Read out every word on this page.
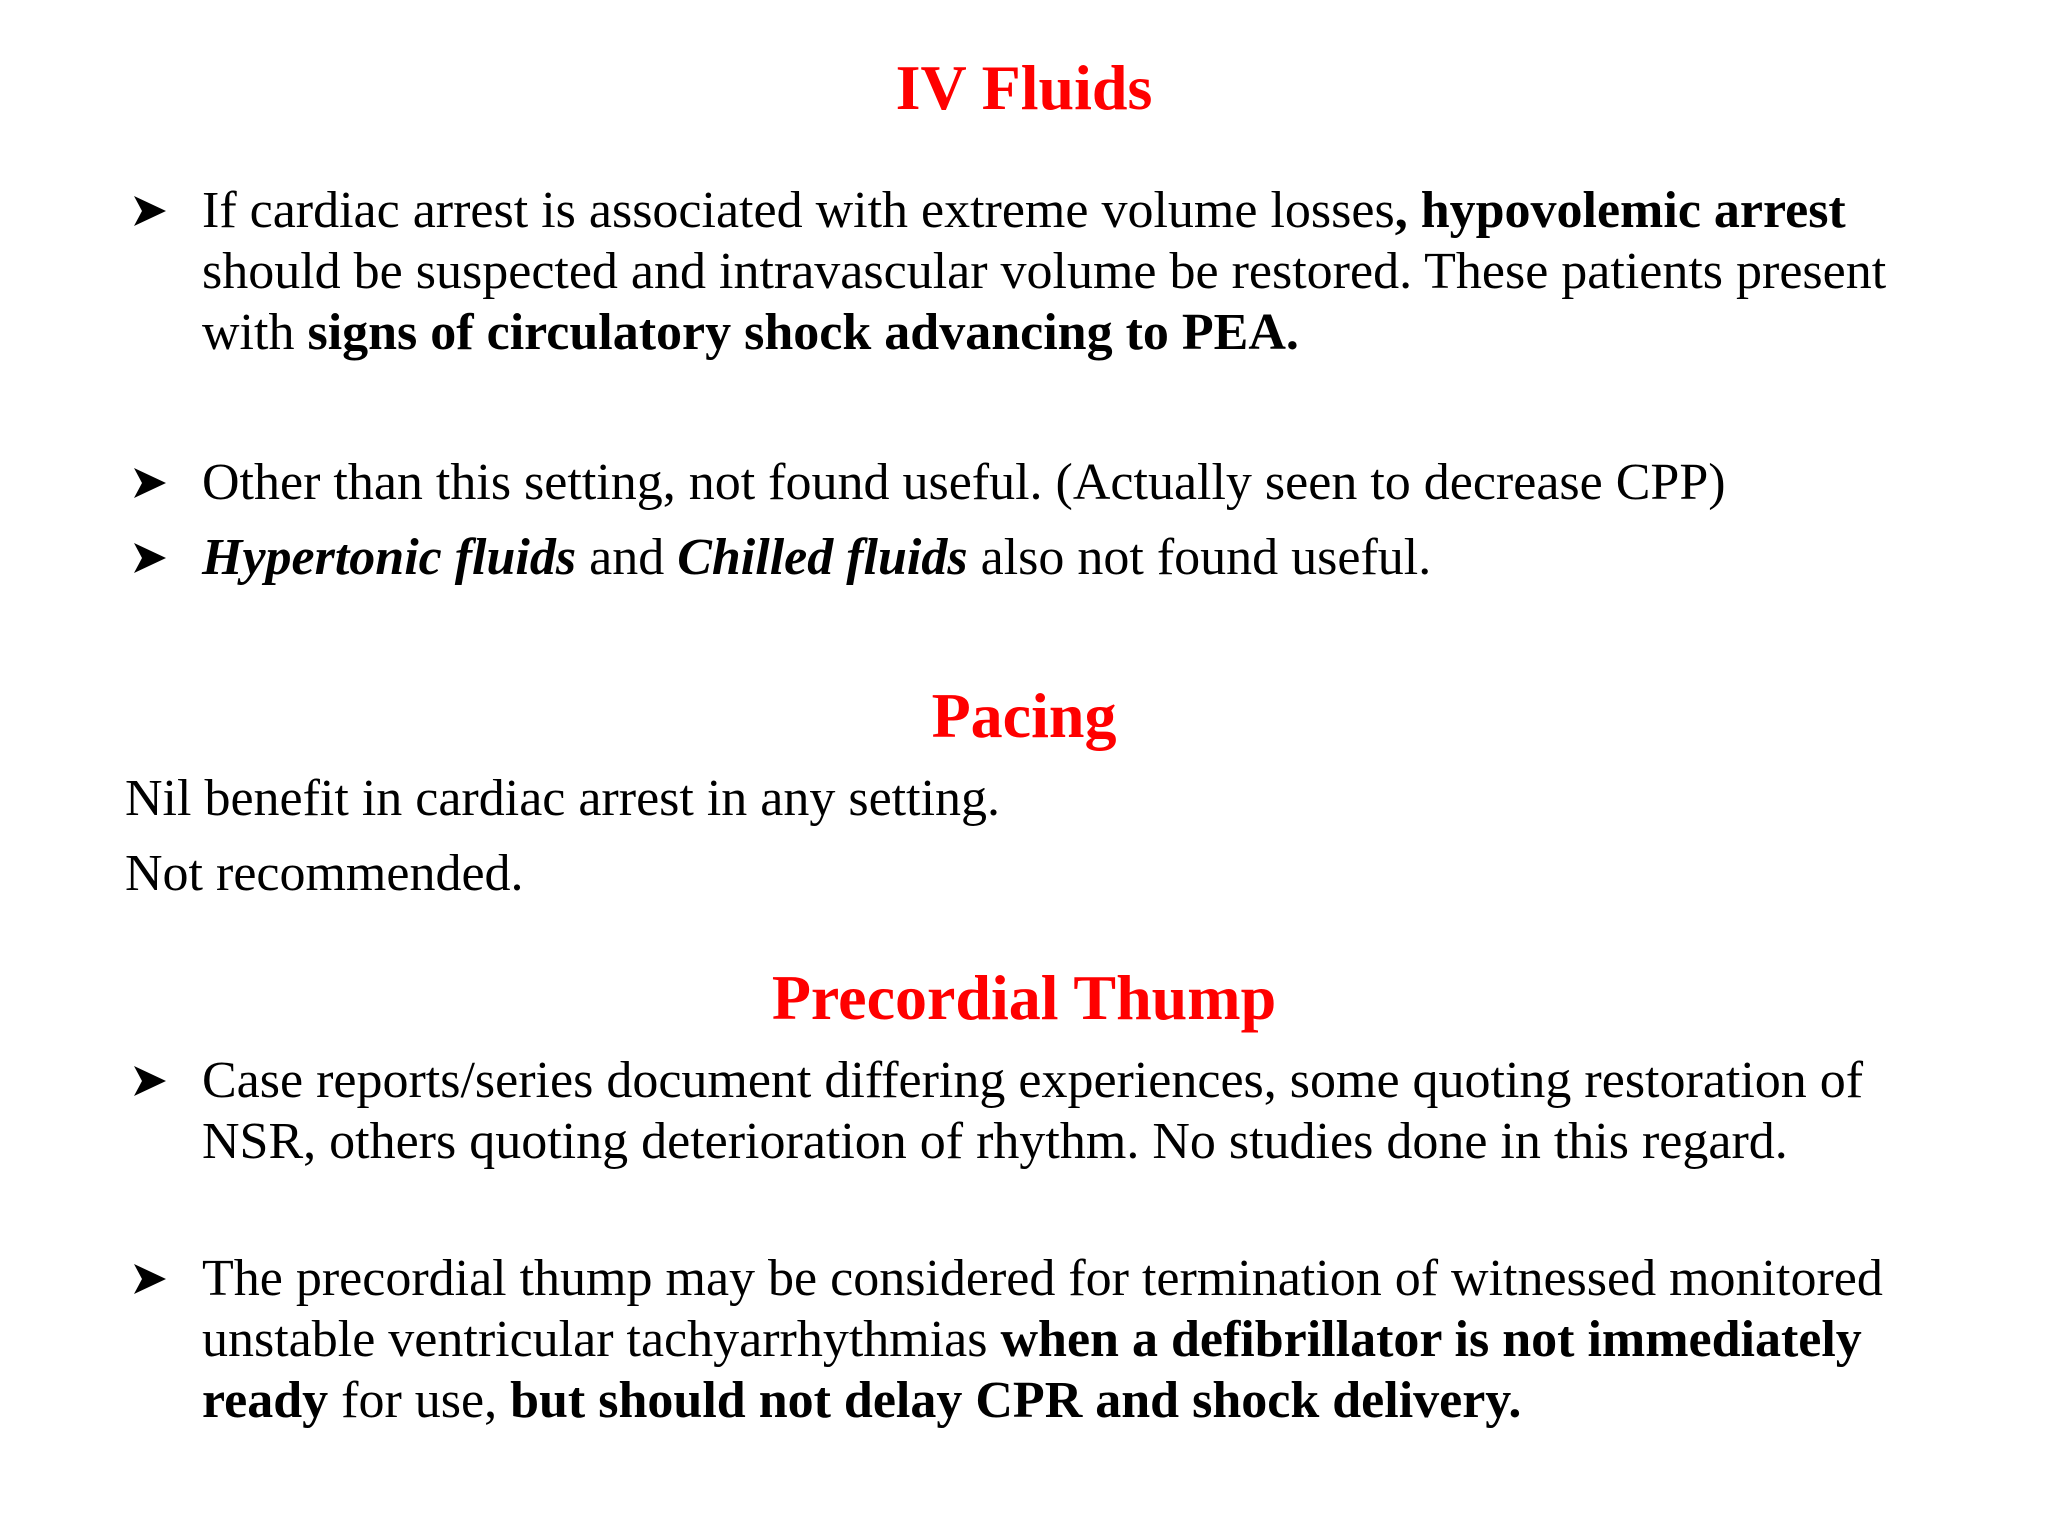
IV Fluids
If cardiac arrest is associated with extreme volume losses, hypovolemic arrest should be suspected and intravascular volume be restored. These patients present with signs of circulatory shock advancing to PEA.
Other than this setting, not found useful. (Actually seen to decrease CPP)
Hypertonic fluids and Chilled fluids also not found useful.
Pacing
Nil benefit in cardiac arrest in any setting.
Not recommended.
Precordial Thump
Case reports/series document differing experiences, some quoting restoration of NSR, others quoting deterioration of rhythm. No studies done in this regard.
The precordial thump may be considered for termination of witnessed monitored unstable ventricular tachyarrhythmias when a defibrillator is not immediately ready for use, but should not delay CPR and shock delivery.
